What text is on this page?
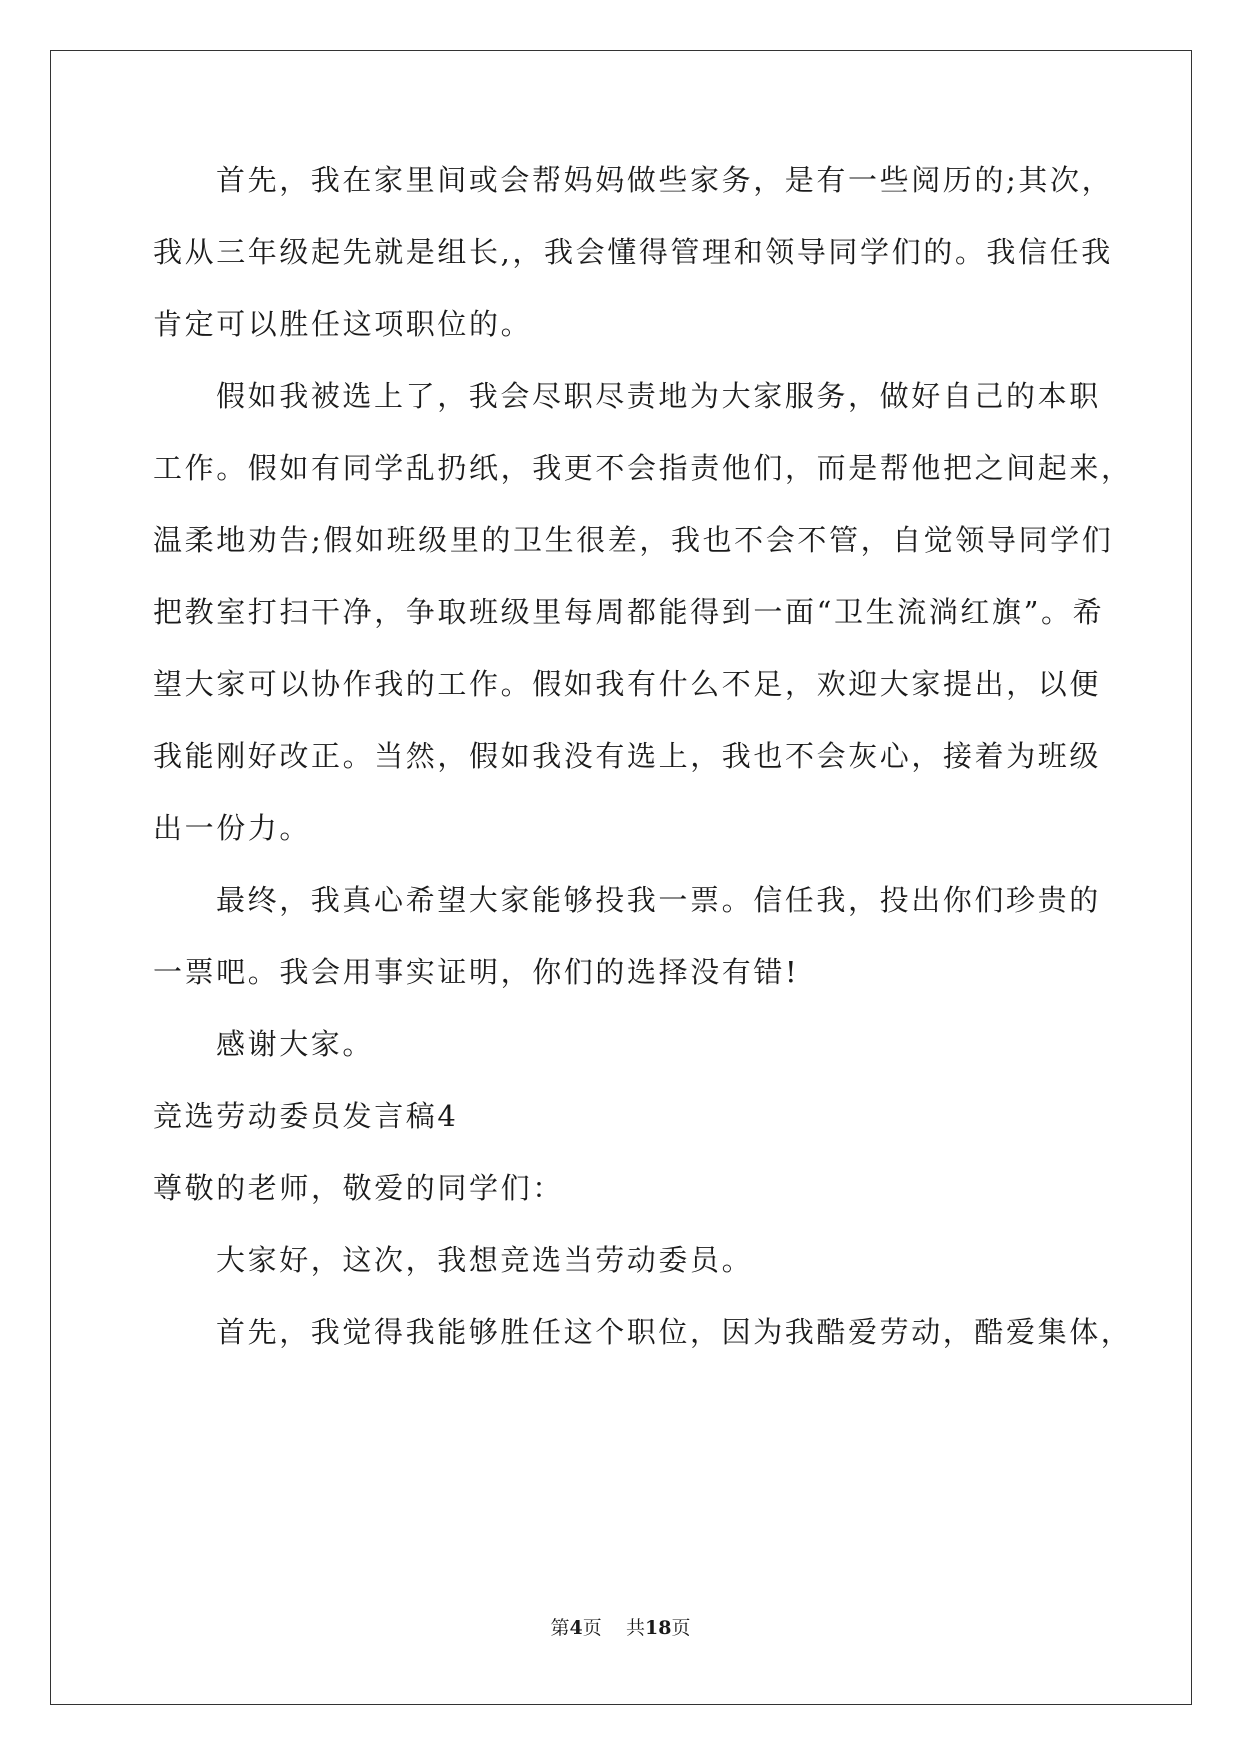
首先，我在家里间或会帮妈妈做些家务，是有一些阅历的;其次，
我从三年级起先就是组长,，我会懂得管理和领导同学们的。我信任我
肯定可以胜任这项职位的。
假如我被选上了，我会尽职尽责地为大家服务，做好自己的本职
工作。假如有同学乱扔纸，我更不会指责他们，而是帮他把之间起来，
温柔地劝告;假如班级里的卫生很差，我也不会不管，自觉领导同学们
把教室打扫干净，争取班级里每周都能得到一面“卫生流淌红旗”。希
望大家可以协作我的工作。假如我有什么不足，欢迎大家提出，以便
我能刚好改正。当然，假如我没有选上，我也不会灰心，接着为班级
出一份力。
最终，我真心希望大家能够投我一票。信任我，投出你们珍贵的
一票吧。我会用事实证明，你们的选择没有错!
感谢大家。
竞选劳动委员发言稿4
尊敬的老师，敬爱的同学们：
大家好，这次，我想竞选当劳动委员。
首先，我觉得我能够胜任这个职位，因为我酷爱劳动，酷爱集体，
第4页 共18页
